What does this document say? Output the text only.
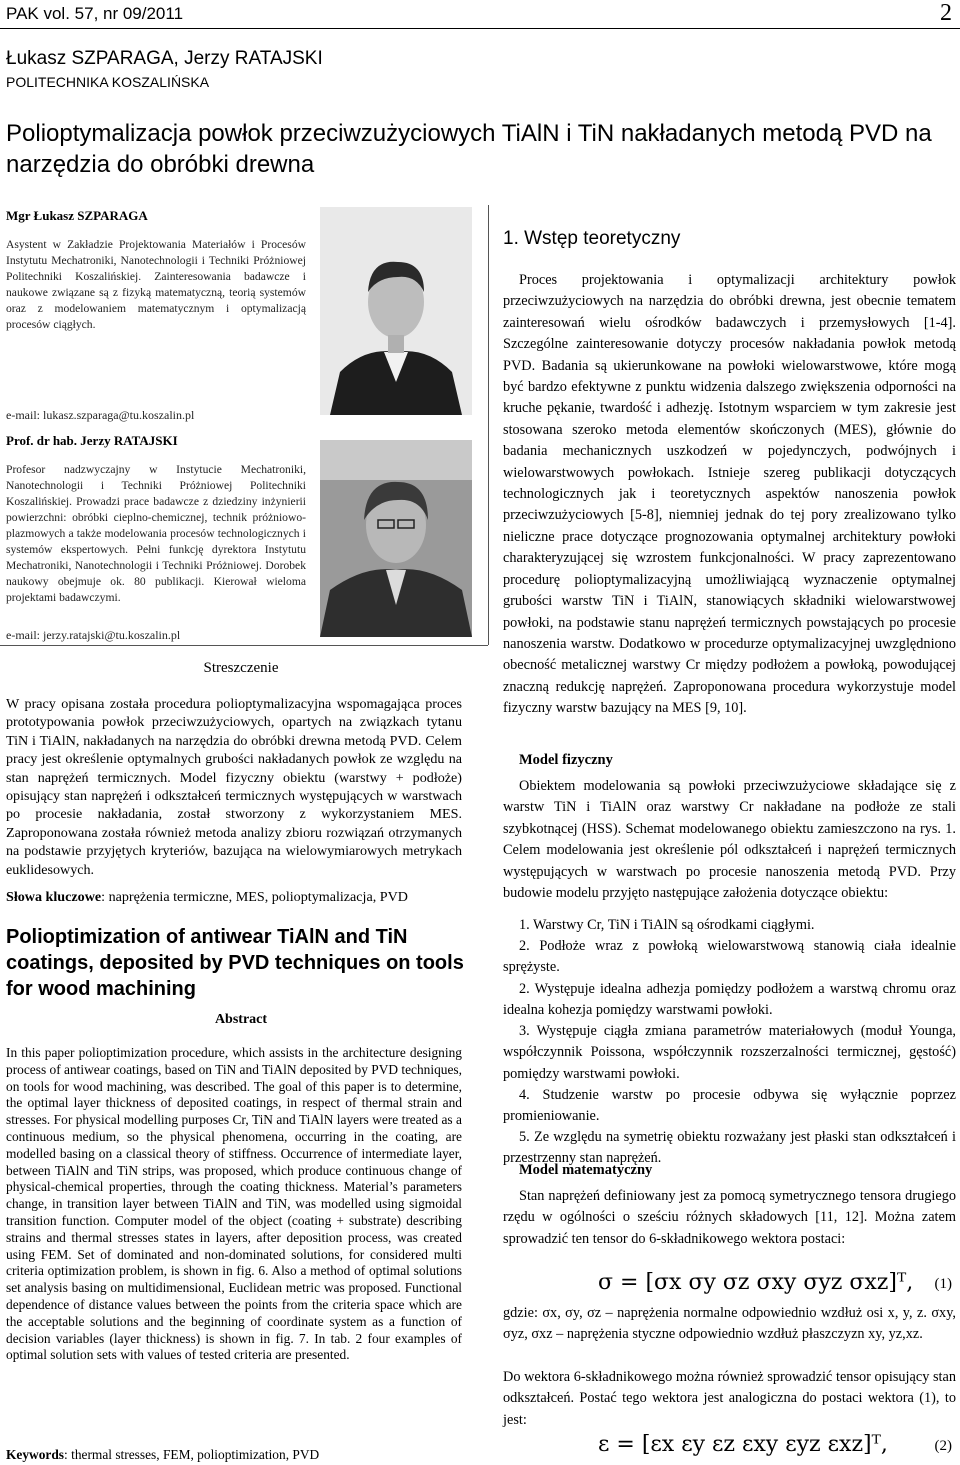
PAK vol. 57, nr 09/2011	2
Łukasz SZPARAGA, Jerzy RATAJSKI
POLITECHNIKA KOSZALIŃSKA
Polioptymalizacja powłok przeciwzużyciowych TiAlN i TiN nakładanych metodą PVD na narzędzia do obróbki drewna
Mgr Łukasz SZPARAGA
Asystent w Zakładzie Projektowania Materiałów i Procesów Instytutu Mechatroniki, Nanotechnologii i Techniki Próżniowej Politechniki Koszalińskiej. Zainteresowania badawcze i naukowe związane są z fizyką matematyczną, teorią systemów oraz z modelowaniem matematycznym i optymalizacją procesów ciągłych.
e-mail: lukasz.szparaga@tu.koszalin.pl
Prof. dr hab. Jerzy RATAJSKI
Profesor nadzwyczajny w Instytucie Mechatroniki, Nanotechnologii i Techniki Próżniowej Politechniki Koszalińskiej. Prowadzi prace badawcze z dziedziny inżynierii powierzchni: obróbki cieplno-chemicznej, technik próżniowo-plazmowych a także modelowania procesów technologicznych i systemów ekspertowych. Pełni funkcję dyrektora Instytutu Mechatroniki, Nanotechnologii i Techniki Próżniowej. Dorobek naukowy obejmuje ok. 80 publikacji. Kierował wieloma projektami badawczymi.
e-mail: jerzy.ratajski@tu.koszalin.pl
Streszczenie
W pracy opisana została procedura polioptymalizacyjna wspomagająca proces prototypowania powłok przeciwzużyciowych, opartych na związkach tytanu TiN i TiAlN, nakładanych na narzędzia do obróbki drewna metodą PVD. Celem pracy jest określenie optymalnych grubości nakładanych powłok ze względu na stan naprężeń termicznych. Model fizyczny obiektu (warstwy + podłoże) opisujący stan naprężeń i odkształceń termicznych występujących w warstwach po procesie nakładania, został stworzony z wykorzystaniem MES. Zaproponowana została również metoda analizy zbioru rozwiązań otrzymanych na podstawie przyjętych kryteriów, bazująca na wielowymiarowych metrykach euklidesowych.
Słowa kluczowe: naprężenia termiczne, MES, polioptymalizacja, PVD
Polioptimization of antiwear TiAlN and TiN coatings, deposited by PVD techniques on tools for wood machining
Abstract
In this paper polioptimization procedure, which assists in the architecture designing process of antiwear coatings, based on TiN and TiAlN deposited by PVD techniques, on tools for wood machining, was described. The goal of this paper is to determine, the optimal layer thickness of deposited coatings, in respect of thermal strain and stresses. For physical modelling purposes Cr, TiN and TiAlN layers were treated as a continuous medium, so the physical phenomena, occurring in the coating, are modelled basing on a classical theory of stiffness. Occurrence of intermediate layer, between TiAlN and TiN strips, was proposed, which produce continuous change of physical-chemical properties, through the coating thickness. Material’s parameters change, in transition layer between TiAlN and TiN, was modelled using sigmoidal transition function. Computer model of the object (coating + substrate) describing strains and thermal stresses states in layers, after deposition process, was created using FEM. Set of dominated and non-dominated solutions, for considered multi criteria optimization problem, is shown in fig. 6. Also a method of optimal solutions set analysis basing on multidimensional, Euclidean metric was proposed. Functional dependence of distance values between the points from the criteria space which are the acceptable solutions and the beginning of coordinate system as a function of decision variables (layer thickness) is shown in fig. 7. In tab. 2 four examples of optimal solution sets with values of tested criteria are presented.
Keywords: thermal stresses, FEM, polioptimization, PVD
1. Wstęp teoretyczny
Proces projektowania i optymalizacji architektury powłok przeciwzużyciowych na narzędzia do obróbki drewna, jest obecnie tematem zainteresowań wielu ośrodków badawczych i przemysłowych [1-4]. Szczególne zainteresowanie dotyczy procesów nakładania powłok metodą PVD. Badania są ukierunkowane na powłoki wielowarstwowe, które mogą być bardzo efektywne z punktu widzenia dalszego zwiększenia odporności na kruche pękanie, twardość i adhezję. Istotnym wsparciem w tym zakresie jest stosowana szeroko metoda elementów skończonych (MES), głównie do badania mechanicznych uszkodzeń w pojedynczych, podwójnych i wielowarstwowych powłokach. Istnieje szereg publikacji dotyczących technologicznych jak i teoretycznych aspektów nanoszenia powłok przeciwzużyciowych [5-8], niemniej jednak do tej pory zrealizowano tylko nieliczne prace dotyczące prognozowania optymalnej architektury powłoki charakteryzującej się wzrostem funkcjonalności. W pracy zaprezentowano procedurę polioptymalizacyjną umożliwiającą wyznaczenie optymalnej grubości warstw TiN i TiAlN, stanowiących składniki wielowarstwowej powłoki, na podstawie stanu naprężeń termicznych powstających po procesie nanoszenia warstw. Dodatkowo w procedurze optymalizacyjnej uwzględniono obecność metalicznej warstwy Cr między podłożem a powłoką, powodującej znaczną redukcję naprężeń. Zaproponowana procedura wykorzystuje model fizyczny warstw bazujący na MES [9, 10].
Model fizyczny
Obiektem modelowania są powłoki przeciwzużyciowe składające się z warstw TiN i TiAlN oraz warstwy Cr nakładane na podłoże ze stali szybkotnącej (HSS). Schemat modelowanego obiektu zamieszczono na rys. 1. Celem modelowania jest określenie pól odkształceń i naprężeń termicznych występujących w warstwach po procesie nanoszenia metodą PVD. Przy budowie modelu przyjęto następujące założenia dotyczące obiektu:
1. Warstwy Cr, TiN i TiAlN są ośrodkami ciągłymi.
2. Podłoże wraz z powłoką wielowarstwową stanowią ciała idealnie sprężyste.
2. Występuje idealna adhezja pomiędzy podłożem a warstwą chromu oraz idealna kohezja pomiędzy warstwami powłoki.
3. Występuje ciągła zmiana parametrów materiałowych (moduł Younga, współczynnik Poissona, współczynnik rozszerzalności termicznej, gęstość) pomiędzy warstwami powłoki.
4. Studzenie warstw po procesie odbywa się wyłącznie poprzez promieniowanie.
5. Ze względu na symetrię obiektu rozważany jest płaski stan odkształceń i przestrzenny stan naprężeń.
Model matematyczny
Stan naprężeń definiowany jest za pomocą symetrycznego tensora drugiego rzędu w ogólności o sześciu różnych składowych [11, 12]. Można zatem sprowadzić ten tensor do 6-składnikowego wektora postaci:
σ = [σx σy σz σxy σyz σxz]ᵀ, (1)
gdzie: σx, σy, σz – naprężenia normalne odpowiednio wzdłuż osi x, y, z. σxy, σyz, σxz – naprężenia styczne odpowiednio wzdłuż płaszczyzn xy, yz,xz.
Do wektora 6-składnikowego można również sprowadzić tensor opisujący stan odkształceń. Postać tego wektora jest analogiczna do postaci wektora (1), to jest:
ε = [εx εy εz εxy εyz εxz]ᵀ,	(2)
